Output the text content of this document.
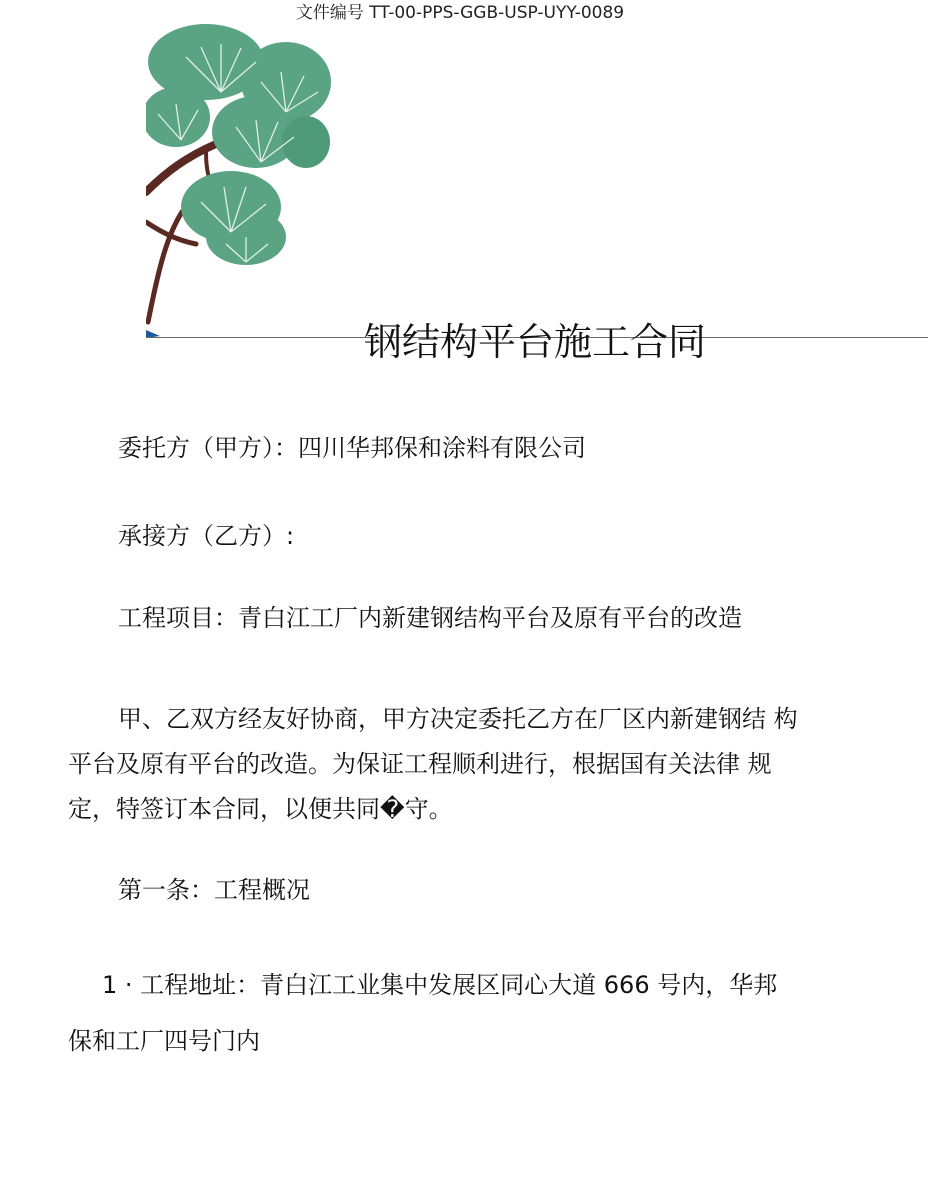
文件编号 TT-00-PPS-GGB-USP-UYY-0089
钢结构平台施工合同
委托方（甲方）：四川华邦保和涂料有限公司
承接方（乙方）:
工程项目：青白江工厂内新建钢结构平台及原有平台的改造
甲、乙双方经友好协商，甲方决定委托乙方在厂区内新建钢结 构
平台及原有平台的改造。为保证工程顺利进行，根据国有关法律 规
定，特签订本合同，以便共同�守。
第一条：工程概况
1 · 工程地址：青白江工业集中发展区同心大道 666 号内，华邦
保和工厂四号门内
